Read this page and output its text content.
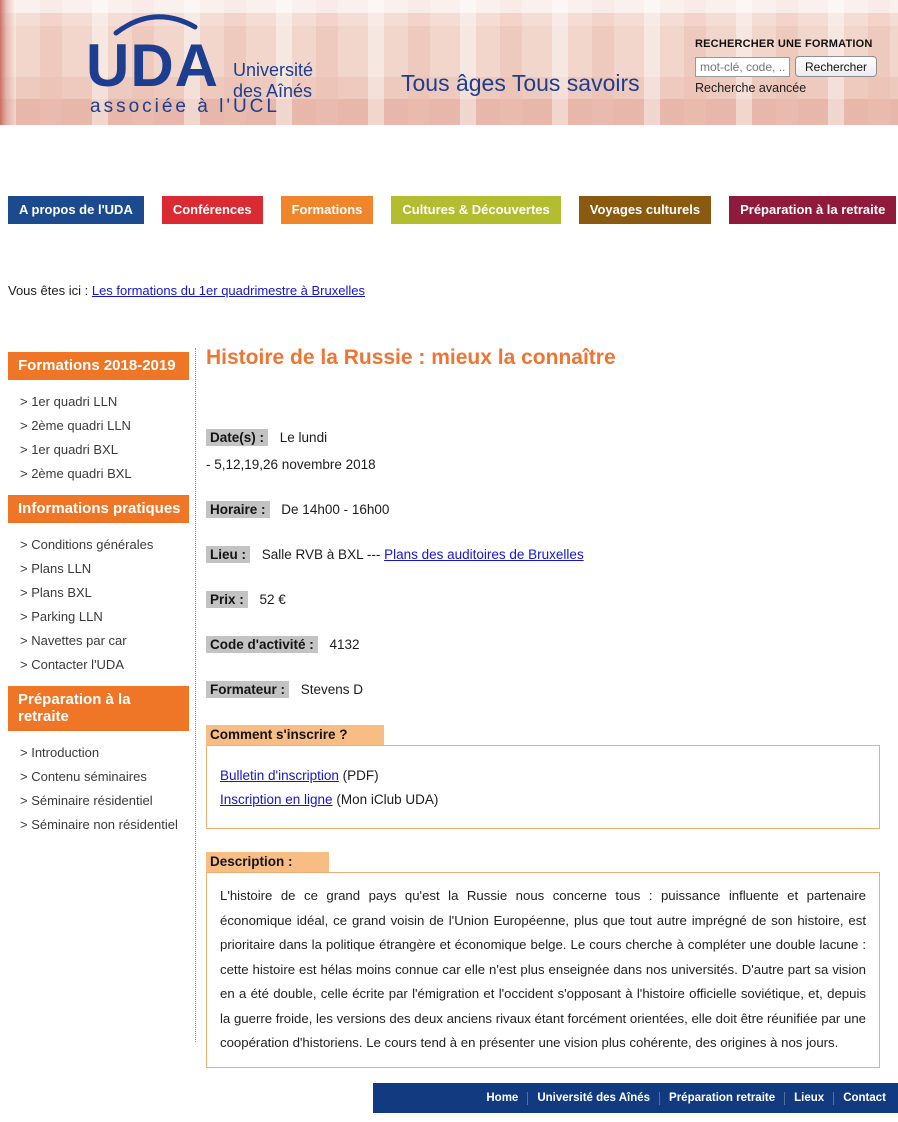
UDA Université
des Aînés
associée à l'UCL
Tous âges Tous savoirs
RECHERCHER UNE FORMATION
mot-clé, code, ...
Rechercher
Recherche avancée
A propos de l'UDA	Conférences	Formations	Cultures & Découvertes	Voyages culturels	Préparation à la retraite
Vous êtes ici : Les formations du 1er quadrimestre à Bruxelles
Formations 2018-2019
> 1er quadri LLN
> 2ème quadri LLN
> 1er quadri BXL
> 2ème quadri BXL
Informations pratiques
> Conditions générales
> Plans LLN
> Plans BXL
> Parking LLN
> Navettes par car
> Contacter l'UDA
Préparation à la retraite
> Introduction
> Contenu séminaires
> Séminaire résidentiel
> Séminaire non résidentiel
Histoire de la Russie : mieux la connaître
Date(s) : Le lundi
- 5,12,19,26 novembre 2018
Horaire : De 14h00 - 16h00
Lieu : Salle RVB à BXL --- Plans des auditoires de Bruxelles
Prix : 52 €
Code d'activité : 4132
Formateur : Stevens D
Comment s'inscrire ?
Bulletin d'inscription (PDF)
Inscription en ligne (Mon iClub UDA)
Description :

L'histoire de ce grand pays qu'est la Russie nous concerne tous : puissance influente et partenaire économique idéal, ce grand voisin de l'Union Européenne, plus que tout autre imprégné de son histoire, est prioritaire dans la politique étrangère et économique belge. Le cours cherche à compléter une double lacune : cette histoire est hélas moins connue car elle n'est plus enseignée dans nos universités. D'autre part sa vision en a été double, celle écrite par l'émigration et l'occident s'opposant à l'histoire officielle soviétique, et, depuis la guerre froide, les versions des deux anciens rivaux étant forcément orientées, elle doit être réunifiée par une coopération d'historiens. Le cours tend à en présenter une vision plus cohérente, des origines à nos jours.

Home	Université des Aînés	Préparation retraite	Lieux	Contact
